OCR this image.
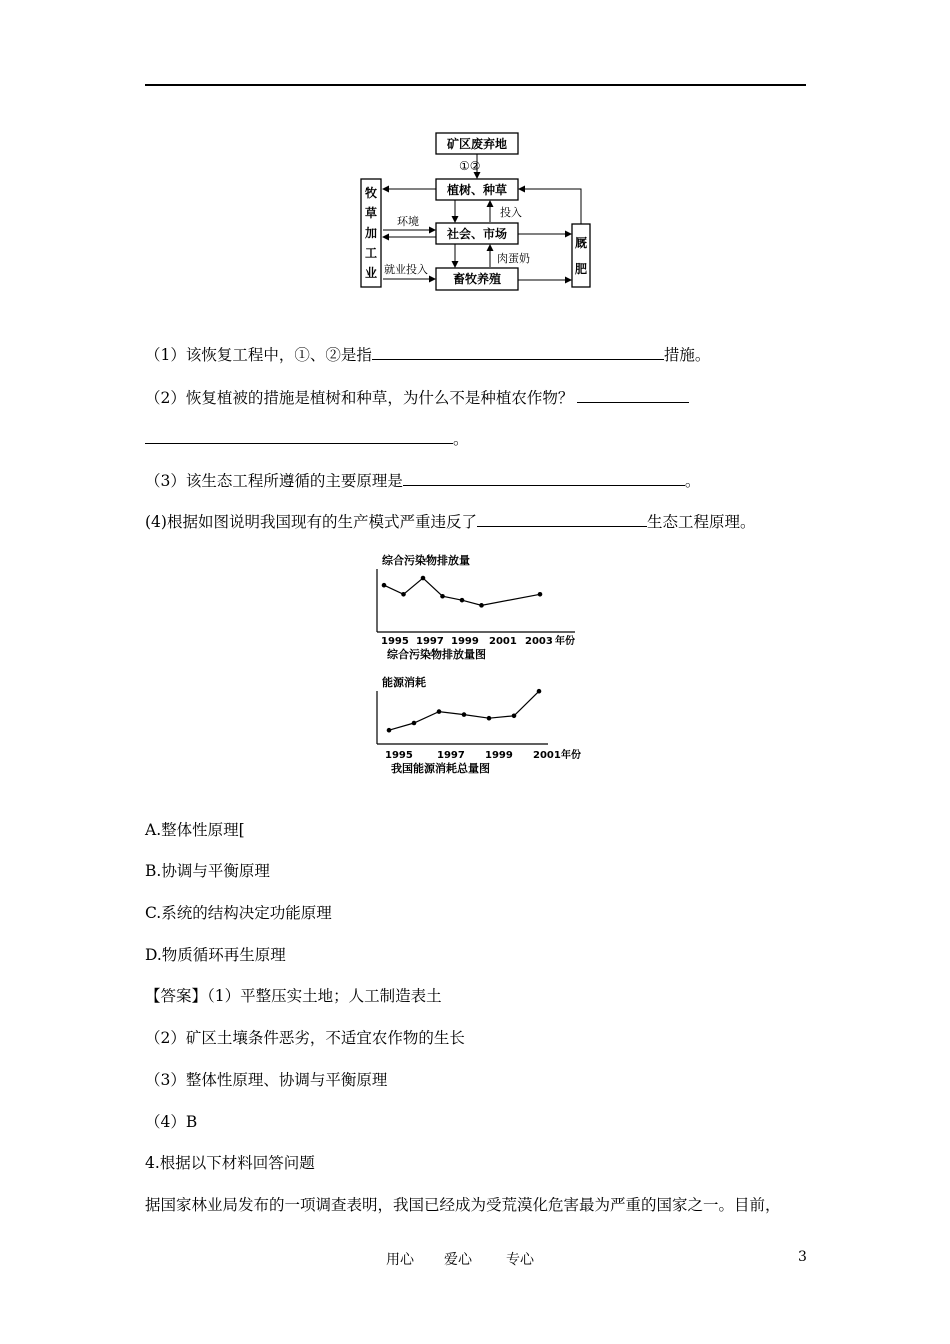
矿区废弃地
植树、种草
社会、市场
畜牧养殖
牧
草
加
工
业
厩
肥
①②
环境
投入
就业投入
肉蛋奶
（1）该恢复工程中，①、②是指	措施。
（2）恢复植被的措施是植树和种草，为什么不是种植农作物？
。
（3）该生态工程所遵循的主要原理是	。
(4)根据如图说明我国现有的生产模式严重违反了	生态工程原理。
综合污染物排放量
1995 1997 1999 2001 2003 年份
综合污染物排放量图
能源消耗
1995 1997 1999 2001 年份
我国能源消耗总量图
A.整体性原理[
B.协调与平衡原理
C.系统的结构决定功能原理
D.物质循环再生原理
【答案】（1）平整压实土地；人工制造表土
（2）矿区土壤条件恶劣，不适宜农作物的生长
（3）整体性原理、协调与平衡原理
（4）B
4.根据以下材料回答问题
据国家林业局发布的一项调查表明，我国已经成为受荒漠化危害最为严重的国家之一。目前，
用心 爱心 专心	3
